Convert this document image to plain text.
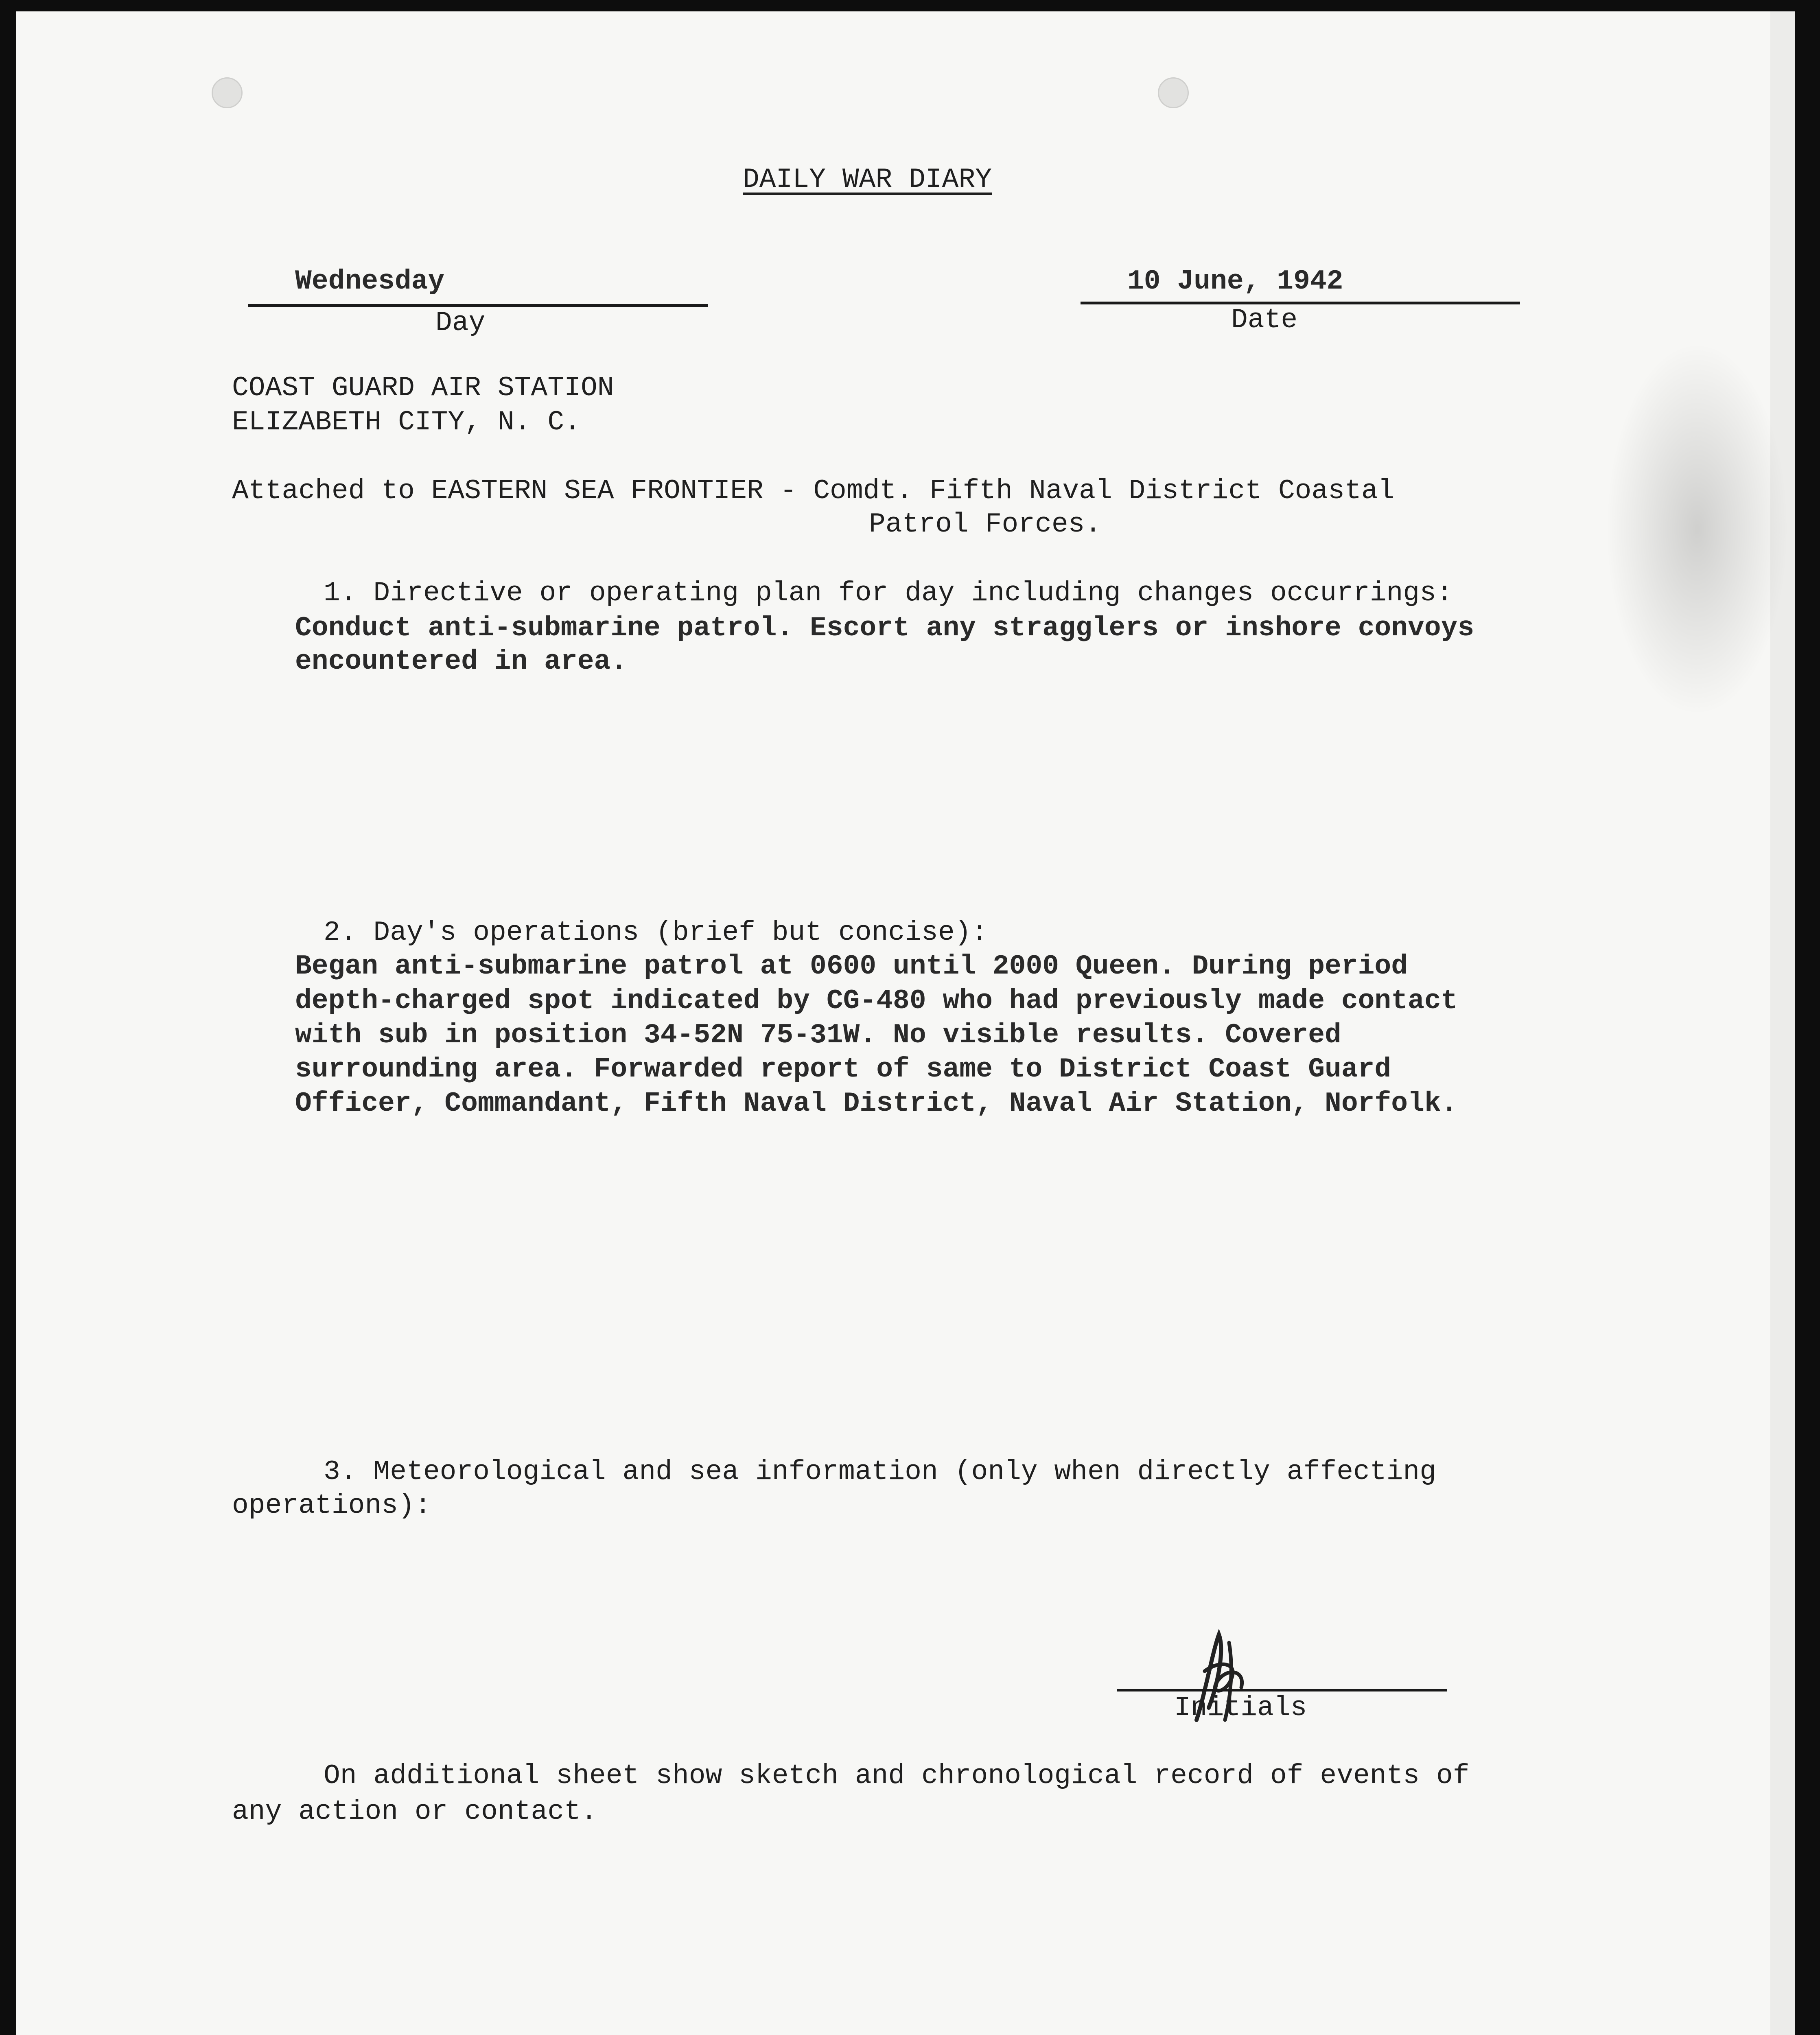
DAILY WAR DIARY
Wednesday
Day
10 June, 1942
Date
COAST GUARD AIR STATION
ELIZABETH CITY, N. C.
Attached to EASTERN SEA FRONTIER - Comdt. Fifth Naval District Coastal
Patrol Forces.
1. Directive or operating plan for day including changes occurrings:
Conduct anti-submarine patrol. Escort any stragglers or inshore convoys
encountered in area.
2. Day's operations (brief but concise):
Began anti-submarine patrol at 0600 until 2000 Queen. During period
depth-charged spot indicated by CG-480 who had previously made contact
with sub in position 34-52N 75-31W. No visible results. Covered
surrounding area. Forwarded report of same to District Coast Guard
Officer, Commandant, Fifth Naval District, Naval Air Station, Norfolk.
3. Meteorological and sea information (only when directly affecting
operations):

Initials
On additional sheet show sketch and chronological record of events of
any action or contact.
